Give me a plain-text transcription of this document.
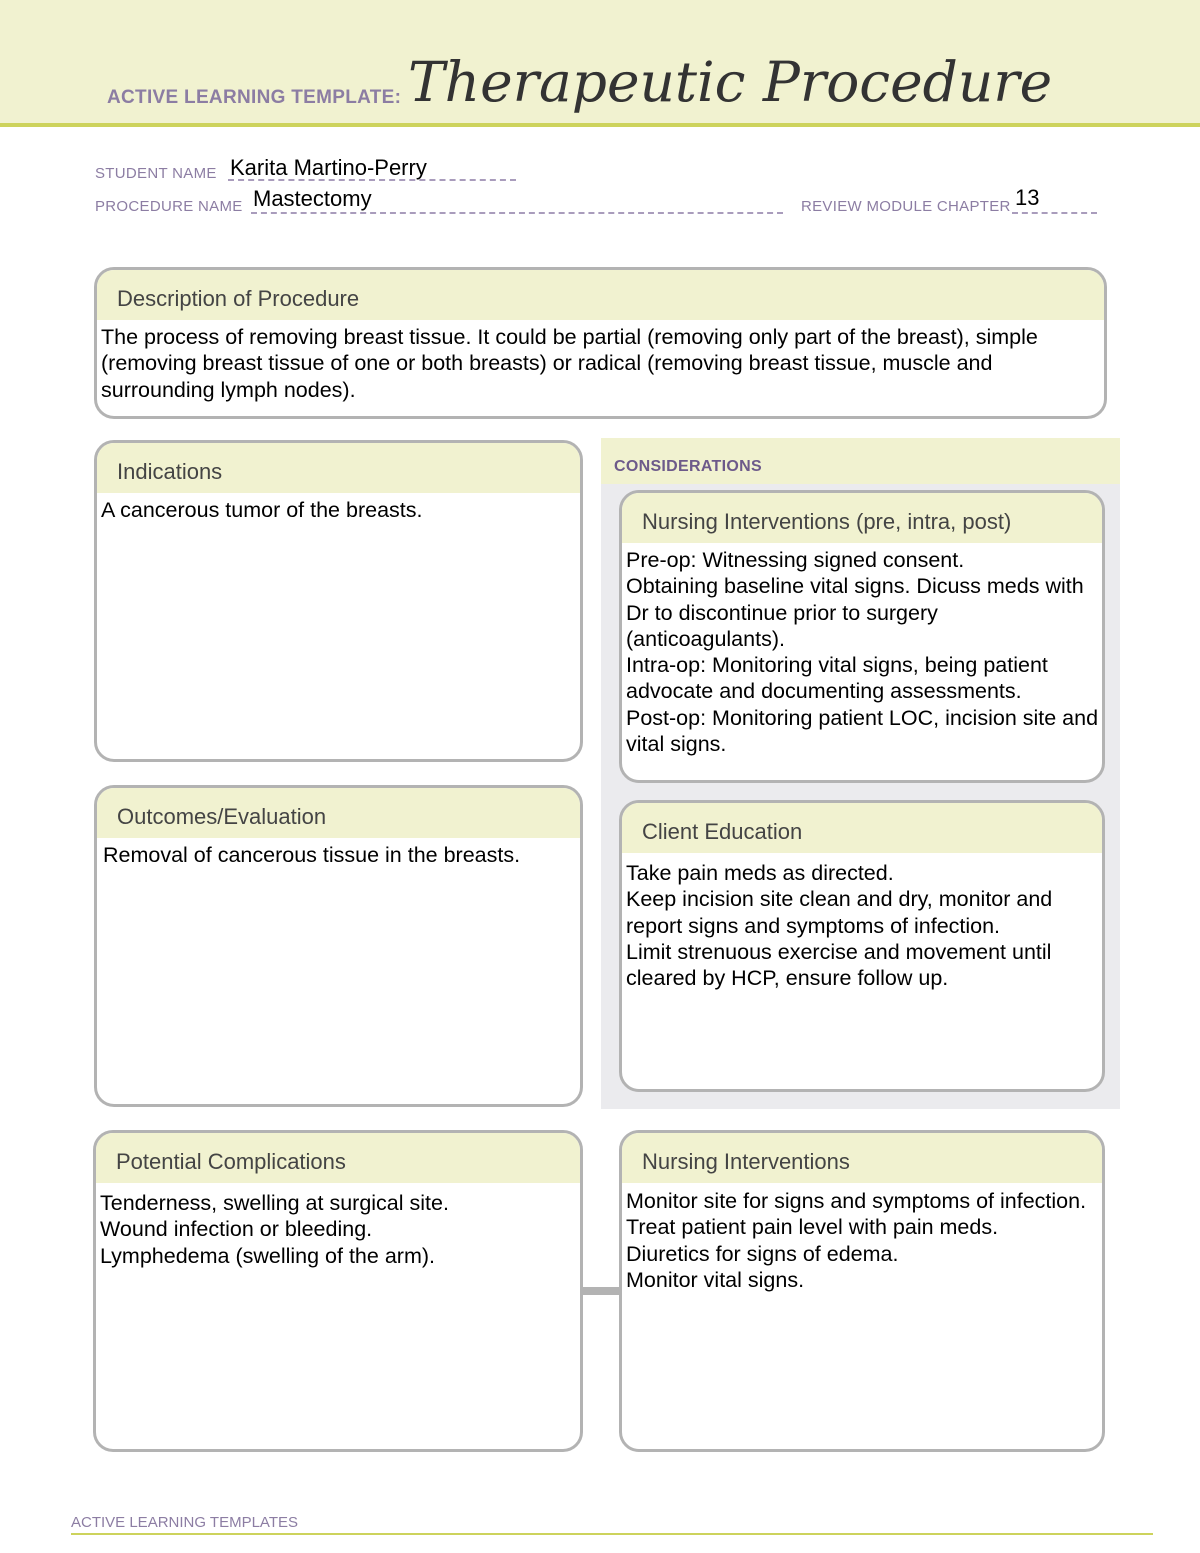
ACTIVE LEARNING TEMPLATE: Therapeutic Procedure
STUDENT NAME Karita Martino-Perry
PROCEDURE NAME Mastectomy	REVIEW MODULE CHAPTER 13
Description of Procedure
The process of removing breast tissue. It could be partial (removing only part of the breast), simple (removing breast tissue of one or both breasts) or radical (removing breast tissue, muscle and surrounding lymph nodes).
Indications
A cancerous tumor of the breasts.
Outcomes/Evaluation
Removal of cancerous tissue in the breasts.
CONSIDERATIONS
Nursing Interventions (pre, intra, post)
Pre-op: Witnessing signed consent.
Obtaining baseline vital signs. Dicuss meds with Dr to discontinue prior to surgery (anticoagulants).
Intra-op: Monitoring vital signs, being patient advocate and documenting assessments.
Post-op: Monitoring patient LOC, incision site and vital signs.
Client Education
Take pain meds as directed.
Keep incision site clean and dry, monitor and report signs and symptoms of infection.
Limit strenuous exercise and movement until cleared by HCP, ensure follow up.
Potential Complications
Tenderness, swelling at surgical site.
Wound infection or bleeding.
Lymphedema (swelling of the arm).
Nursing Interventions
Monitor site for signs and symptoms of infection.
Treat patient pain level with pain meds.
Diuretics for signs of edema.
Monitor vital signs.
ACTIVE LEARNING TEMPLATES
